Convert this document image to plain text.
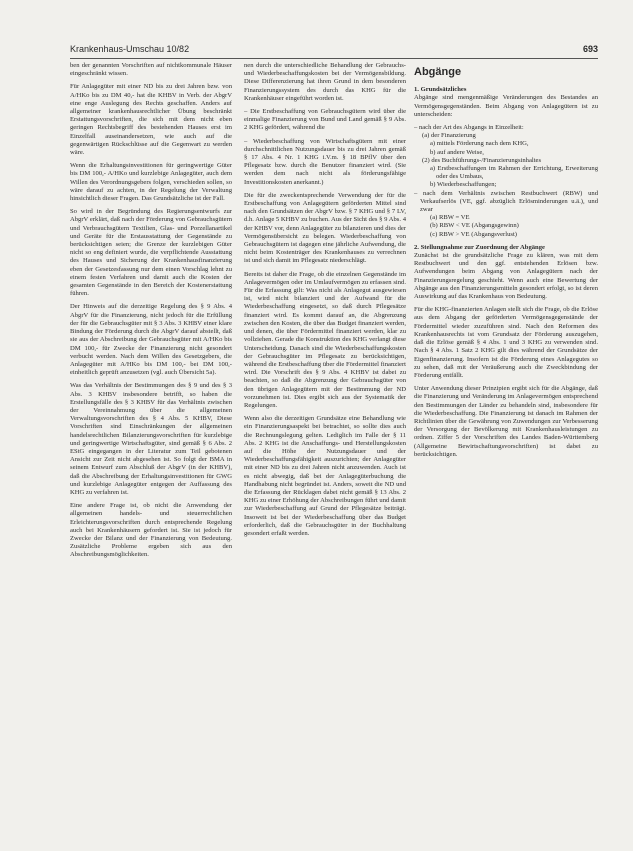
Krankenhaus-Umschau 10/82	693

ben der genannten Vorschriften auf nichtkommunale Häuser eingeschränkt wissen.

Für Anlagegüter mit einer ND bis zu drei Jahren bzw. von A/HKo bis zu DM 40,- hat die KHBV in Verb. der AbgrV eine enge Auslegung des Rechts geschaffen. Anders auf allgemeiner krankenhausrechtlicher Übung beschränkt Erstattungsvorschriften, die sich mit dem nicht eben geringen Rechtsbegriff des bestehenden Hauses erst im Einzelfall auseinandersetzen, wie auch auf die gegenwärtigen Rückschlüsse auf die Gegenwart zu werden wäre.

Wenn die Erhaltungsinvestitionen für geringwertige Güter bis DM 100,- A/HKo und kurzlebige Anlagegüter, auch dem Willen des Verordnungsgebers folgen, verschieden sollen, so wäre darauf zu achten, in der Regelung der Verwaltung hinsichtlich dieser Fragen. Das Grundsätzliche ist der Fall.

So wird in der Begründung des Regierungsentwurfs zur AbgrV erklärt, daß nach der Förderung von Gebrauchsgütern und Verbrauchsgütern Textilien, Glas- und Porzellanartikel und Geräte für die Erstausstattung der Gegenstände zu berücksichtigen seien; die Grenze der kurzlebigen Güter nicht so eng definiert wurde, die verpflichtende Ausstattung des Hauses und Sicherung der Krankenhausfinanzierung eben der Gesetzesfassung nur dem einen Vorschlag lehnt zu einem festen Verfahren und damit auch die Kosten der gesamten Gegenstände in den Bereich der Kostenerstattung führen.

Der Hinweis auf die derzeitige Regelung des § 9 Abs. 4 AbgrV für die Finanzierung, nicht jedoch für die Erfüllung der für die Gebrauchsgüter mit § 3 Abs. 3 KHBV einer klare Bindung der Förderung durch die AbgrV darauf abstellt, daß sie aus der Abschreibung der Gebrauchsgüter mit A/HKo bis DM 100,- für Zwecke der Finanzierung nicht gesondert verbucht werden. Nach dem Willen des Gesetzgebers, die Anlagegüter mit A/HKo bis DM 100,- bei DM 100,- einheitlich geprüft anzusetzen (vgl. auch Übersicht 5a).

Was das Verhältnis der Bestimmungen des § 9 und des § 3 Abs. 3 KHBV insbesondere betrifft, so haben die Erstellungsfälle des § 3 KHBV für das Verhältnis zwischen der Vereinnahmung über die allgemeinen Verwaltungsvorschriften des § 4 Abs. 5 KHBV, Diese Vorschriften sind Einschränkungen der allgemeinen handelsrechtlichen Bilanzierungsvorschriften für kurzlebige und geringwertige Wirtschaftsgüter, sind gemäß § 6 Abs. 2 EStG eingegangen in der Literatur zum Teil gebotenen Ansicht zur Zeit nicht abgesehen ist. So folgt der BMA in seinem Entwurf zum Abschluß der AbgrV (in der KHBV), daß die Abschreibung der Erhaltungsinvestitionen für GWG und kurzlebige Anlagegüter entgegen der Auffassung des KHG zu verfahren ist.

Eine andere Frage ist, ob nicht die Anwendung der allgemeinen handels- und steuerrechtlichen Erleichterungsvorschriften durch entsprechende Regelung auch bei Krankenhäusern gefordert ist. Sie ist jedoch für Zwecke der Bilanz und der Finanzierung von Bedeutung. Zusätzliche Probleme ergeben sich aus den Abschreibungsmöglichkeiten.

nen durch die unterschiedliche Behandlung der Gebrauchs- und Wiederbeschaffungskosten bei der Vermögensbildung. Diese Differenzierung hat ihren Grund in dem besonderen Finanzierungssystem des durch das KHG für die Krankenhäuser eingeführt worden ist.

– Die Erstbeschaffung von Gebrauchsgütern wird über die einmalige Finanzierung von Bund und Land gemäß § 9 Abs. 2 KHG gefördert, während die

– Wiederbeschaffung von Wirtschaftsgütern mit einer durchschnittlichen Nutzungsdauer bis zu drei Jahren gemäß § 17 Abs. 4 Nr. 1 KHG i.V.m. § 18 BPflV über den Pflegesatz bzw. durch die Benutzer finanziert wird. (Sie werden dem nach nicht als förderungsfähige Investitionskosten anerkannt.)

Die für die zweckentsprechende Verwendung der für die Erstbeschaffung von Anlagegütern geförderten Mittel sind nach den Grundsätzen der AbgrV bzw. § 7 KHG und § 7 LV, d.h. Anlage 5 KHBV zu buchen. Aus der Sicht des § 9 Abs. 4 der KHBV vor, denn Anlagegüter zu bilanzieren und dies der Vermögensübersicht zu belegen. Wiederbeschaffung von Gebrauchsgütern ist dagegen eine jährliche Aufwendung, die nicht beim Kostenträger des Krankenhauses zu verrechnen ist und sich damit im Pflegesatz niederschlägt.

Bereits ist daher die Frage, ob die einzelnen Gegenstände im Anlagevermögen oder im Umlaufvermögen zu erfassen sind. Für die Erfassung gilt: Was nicht als Anlagegut ausgewiesen ist, wird nicht bilanziert und der Aufwand für die Wiederbeschaffung eingesetzt, so daß durch Pflegesätze finanziert wird. Es kommt darauf an, die Abgrenzung zwischen den Kosten, die über das Budget finanziert werden, und denen, die über Fördermittel finanziert werden, klar zu vollziehen. Gerade die Konstruktion des KHG verlangt diese Unterscheidung. Danach sind die Wiederbeschaffungskosten der Gebrauchsgüter im Pflegesatz zu berücksichtigen, während die Erstbeschaffung über die Fördermittel finanziert wird. Die Vorschrift des § 9 Abs. 4 KHBV ist dabei zu beachten, so daß die Abgrenzung der Gebrauchsgüter von den übrigen Anlagegütern mit der Bestimmung der ND vorzunehmen ist. Dies ergibt sich aus der Systematik der Regelungen.

Wenn also die derzeitigen Grundsätze eine Behandlung wie ein Finanzierungsaspekt bei betrachtet, so sollte dies auch die Rechnungslegung gelten. Lediglich im Falle der § 11 Abs. 2 KHG ist die Anschaffungs- und Herstellungskosten auf die Höhe der Nutzungsdauer und der Wiederbeschaffungsfähigkeit auszurichten; der Anlagegüter mit einer ND bis zu drei Jahren nicht anzuwenden. Auch ist es nicht abwegig, daß bei der Anlagegüterbuchung die Handhabung nicht begründet ist. Anders, soweit die ND und die Erfassung der Rücklagen dabei nicht gemäß § 13 Abs. 2 KHG zu einer Erhöhung der Abschreibungen führt und damit zur Wiederbeschaffung auf Grund der Pflegesätze beiträgt. Insoweit ist bei der Wiederbeschaffung über das Budget erforderlich, daß die Gebrauchsgüter in der Buchhaltung gesondert erfaßt werden.

Abgänge
1. Grundsätzliches

Abgänge sind mengenmäßige Veränderungen des Bestandes an Vermögensgegenständen. Beim Abgang von Anlagegütern ist zu unterscheiden:

– nach der Art des Abgangs in Einzelheit:
(a) der Finanzierung
a) mittels Förderung nach dem KHG,
b) auf andere Weise,
(2) des Buchführungs-/Finanzierungsinhaltes
a) Erstbeschaffungen im Rahmen der Errichtung, Erweiterung oder des Umbaus,
b) Wiederbeschaffungen;
– nach dem Verhältnis zwischen Restbuchwert (RBW) und Verkaufserlös (VE, ggf. abzüglich Erlösminderungen u.ä.), und zwar
(a) RBW = VE
(b) RBW < VE (Abgangsgewinn)
(c) RBW > VE (Abgangsverlust)
2. Stellungnahme zur Zuordnung der Abgänge

Zunächst ist die grundsätzliche Frage zu klären, was mit dem Restbuchwert und den ggf. entstehenden Erlösen bzw. Aufwendungen beim Abgang von Anlagegütern nach der Finanzierungsregelung geschieht. Wenn auch eine Bewertung der Abgänge aus den Finanzierungsmitteln gesondert erfolgt, so ist deren Auswirkung auf das Krankenhaus von Bedeutung.

Für die KHG-finanzierten Anlagen stellt sich die Frage, ob die Erlöse aus dem Abgang der geförderten Vermögensgegenstände der Fördermittel wieder zuzuführen sind. Nach den Reformen des Krankenhausrechts ist vom Grundsatz der Förderung auszugehen, daß die Erlöse gemäß § 4 Abs. 1 und 3 KHG zu verwenden sind. Nach § 4 Abs. 1 Satz 2 KHG gilt dies während der Grundsätze der Eigenfinanzierung. Insofern ist die Förderung eines Anlagegutes so zu sehen, daß mit der Veräußerung auch die Zweckbindung der Förderung entfällt.

Unter Anwendung dieser Prinzipien ergibt sich für die Abgänge, daß die Finanzierung und Veränderung im Anlagevermögen entsprechend den Bestimmungen der Länder zu behandeln sind, insbesondere für die Wiederbeschaffung. Die Finanzierung ist danach im Rahmen der Richtlinien über die Gewährung von Zuwendungen zur Verbesserung der Versorgung der Bevölkerung mit Krankenhausleistungen zu ordnen. Ziffer 5 der Vorschriften des Landes Baden-Württemberg (Allgemeine Bewirtschaftungsvorschriften) ist dabei zu berücksichtigen.
